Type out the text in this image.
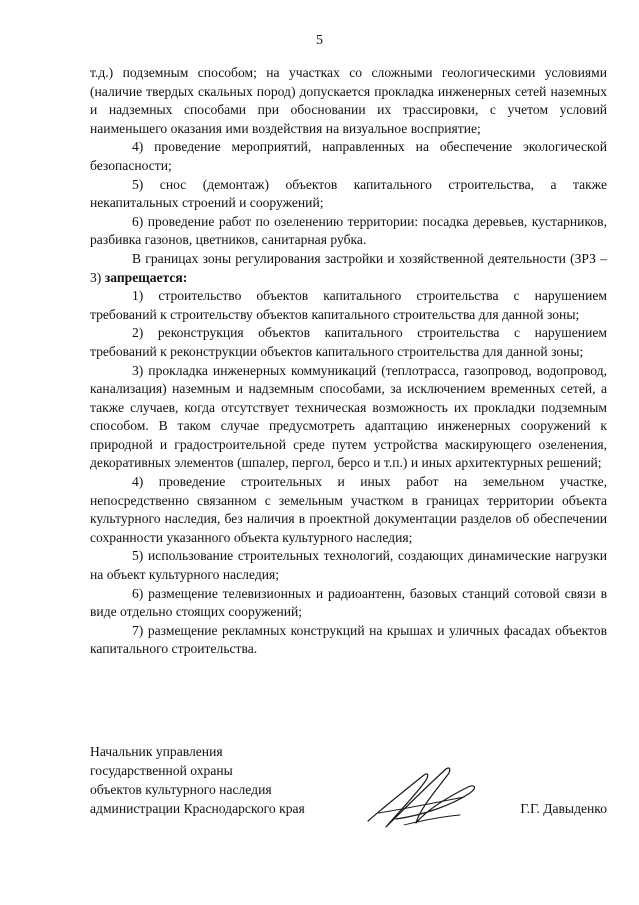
5

т.д.) подземным способом; на участках со сложными геологическими условиями (наличие твердых скальных пород) допускается прокладка инженерных сетей наземных и надземных способами при обосновании их трассировки, с учетом условий наименьшего оказания ими воздействия на визуальное восприятие;

4) проведение мероприятий, направленных на обеспечение экологической безопасности;

5) снос (демонтаж) объектов капитального строительства, а также некапитальных строений и сооружений;

6) проведение работ по озеленению территории: посадка деревьев, кустарников, разбивка газонов, цветников, санитарная рубка.

В границах зоны регулирования застройки и хозяйственной деятельности (ЗРЗ – 3) запрещается:

1) строительство объектов капитального строительства с нарушением требований к строительству объектов капитального строительства для данной зоны;

2) реконструкция объектов капитального строительства с нарушением требований к реконструкции объектов капитального строительства для данной зоны;

3) прокладка инженерных коммуникаций (теплотрасса, газопровод, водопровод, канализация) наземным и надземным способами, за исключением временных сетей, а также случаев, когда отсутствует техническая возможность их прокладки подземным способом. В таком случае предусмотреть адаптацию инженерных сооружений к природной и градостроительной среде путем устройства маскирующего озеленения, декоративных элементов (шпалер, пергол, берсо и т.п.) и иных архитектурных решений;

4) проведение строительных и иных работ на земельном участке, непосредственно связанном с земельным участком в границах территории объекта культурного наследия, без наличия в проектной документации разделов об обеспечении сохранности указанного объекта культурного наследия;

5) использование строительных технологий, создающих динамические нагрузки на объект культурного наследия;

6) размещение телевизионных и радиоантенн, базовых станций сотовой связи в виде отдельно стоящих сооружений;

7) размещение рекламных конструкций на крышах и уличных фасадах объектов капитального строительства.

Начальник управления

государственной охраны

объектов культурного наследия

администрации Краснодарского края	Г.Г. Давыденко
